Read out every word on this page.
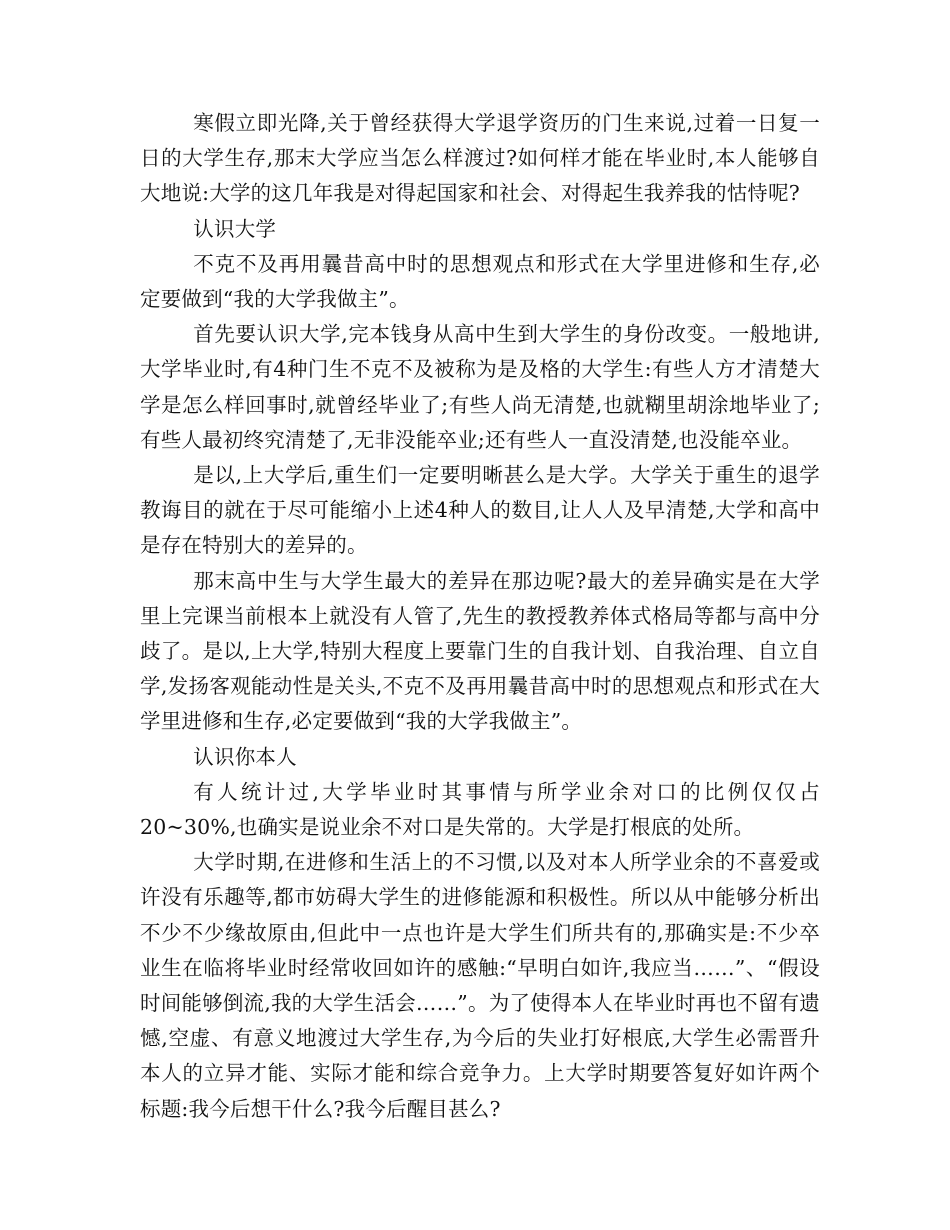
寒假立即光降,关于曾经获得大学退学资历的门生来说,过着一日复一日的大学生存,那末大学应当怎么样渡过?如何样才能在毕业时,本人能够自大地说:大学的这几年我是对得起国家和社会、对得起生我养我的怙恃呢?

认识大学

不克不及再用曩昔高中时的思想观点和形式在大学里进修和生存,必定要做到“我的大学我做主”。

首先要认识大学,完本钱身从高中生到大学生的身份改变。一般地讲,大学毕业时,有4种门生不克不及被称为是及格的大学生:有些人方才清楚大学是怎么样回事时,就曾经毕业了;有些人尚无清楚,也就糊里胡涂地毕业了;有些人最初终究清楚了,无非没能卒业;还有些人一直没清楚,也没能卒业。

是以,上大学后,重生们一定要明晰甚么是大学。大学关于重生的退学教诲目的就在于尽可能缩小上述4种人的数目,让人人及早清楚,大学和高中是存在特别大的差异的。

那末高中生与大学生最大的差异在那边呢?最大的差异确实是在大学里上完课当前根本上就没有人管了,先生的教授教养体式格局等都与高中分歧了。是以,上大学,特别大程度上要靠门生的自我计划、自我治理、自立自学,发扬客观能动性是关头,不克不及再用曩昔高中时的思想观点和形式在大学里进修和生存,必定要做到“我的大学我做主”。

认识你本人

有人统计过,大学毕业时其事情与所学业余对口的比例仅仅占20~30%,也确实是说业余不对口是失常的。大学是打根底的处所。

大学时期,在进修和生活上的不习惯,以及对本人所学业余的不喜爱或许没有乐趣等,都市妨碍大学生的进修能源和积极性。所以从中能够分析出不少不少缘故原由,但此中一点也许是大学生们所共有的,那确实是:不少卒业生在临将毕业时经常收回如许的感触:“早明白如许,我应当……”、“假设时间能够倒流,我的大学生活会……”。为了使得本人在毕业时再也不留有遗憾,空虚、有意义地渡过大学生存,为今后的失业打好根底,大学生必需晋升本人的立异才能、实际才能和综合竞争力。上大学时期要答复好如许两个标题:我今后想干什么?我今后醒目甚么?
